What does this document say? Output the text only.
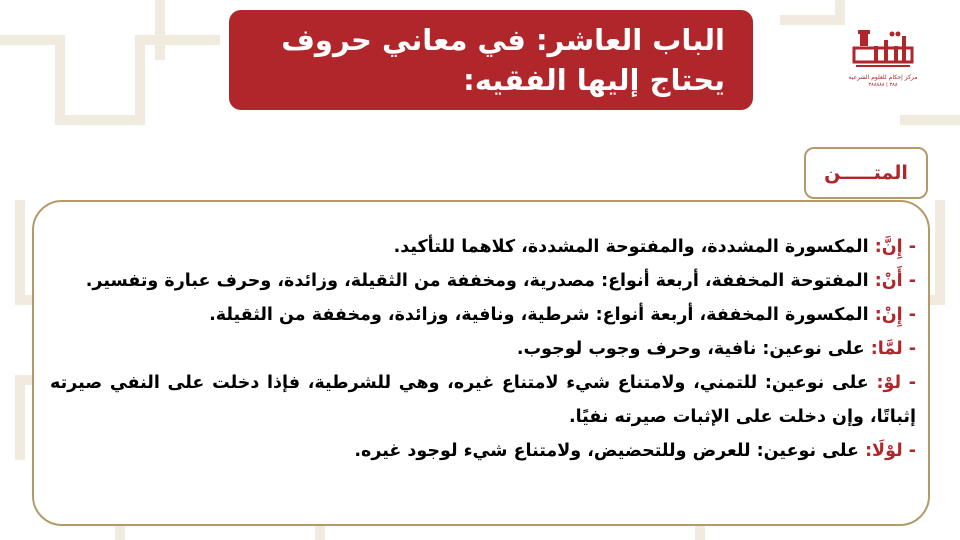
الباب العاشر: في معاني حروف
يحتاج إليها الفقيه:	مركز إحكام للعلوم الشرعية
٣٨٨ | ٣٨٨٨٨٨
المتـــــن

- إِنَّ: المكسورة المشددة، والمفتوحة المشددة، كلاهما للتأكيد.

- أَنْ: المفتوحة المخففة، أربعة أنواع: مصدرية، ومخففة من الثقيلة، وزائدة، وحرف عبارة وتفسير.

- إِنْ: المكسورة المخففة، أربعة أنواع: شرطية، ونافية، وزائدة، ومخففة من الثقيلة.

- لمَّا: على نوعين: نافية، وحرف وجوب لوجوب.

- لوْ: على نوعين: للتمني، ولامتناع شيء لامتناع غيره، وهي للشرطية، فإذا دخلت على النفي صيرته إثباتًا، وإن دخلت على الإثبات صيرته نفيًا.

- لوْلَا: على نوعين: للعرض وللتحضيض، ولامتناع شيء لوجود غيره.
